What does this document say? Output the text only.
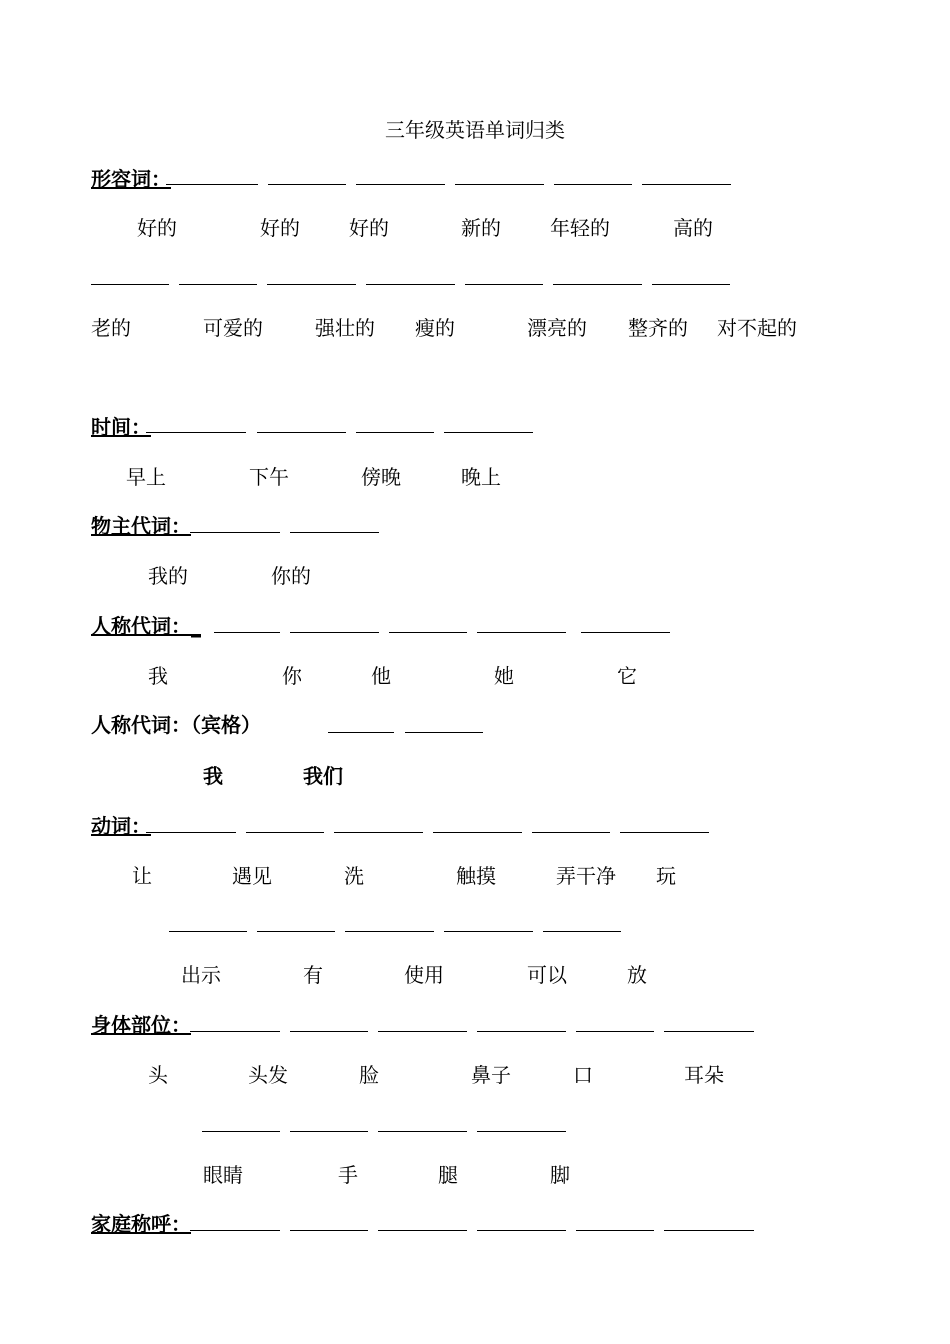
三年级英语单词归类
形容词：
好的	好的 好的	新的 年轻的	高的
老的	可爱的	强壮的 瘦的	漂亮的 整齐的 对不起的
时间：
早上	下午	傍晚	晚上
物主代词：
我的	你的
人称代词：_
我	你	他	她	它
人称代词：（宾格）
我	我们
动词：
让	遇见	洗	触摸	弄干净 玩
出示	有	使用	可以	放
身体部位：
头	头发	脸	鼻子	口	耳朵
眼睛	手	腿	脚
家庭称呼：
